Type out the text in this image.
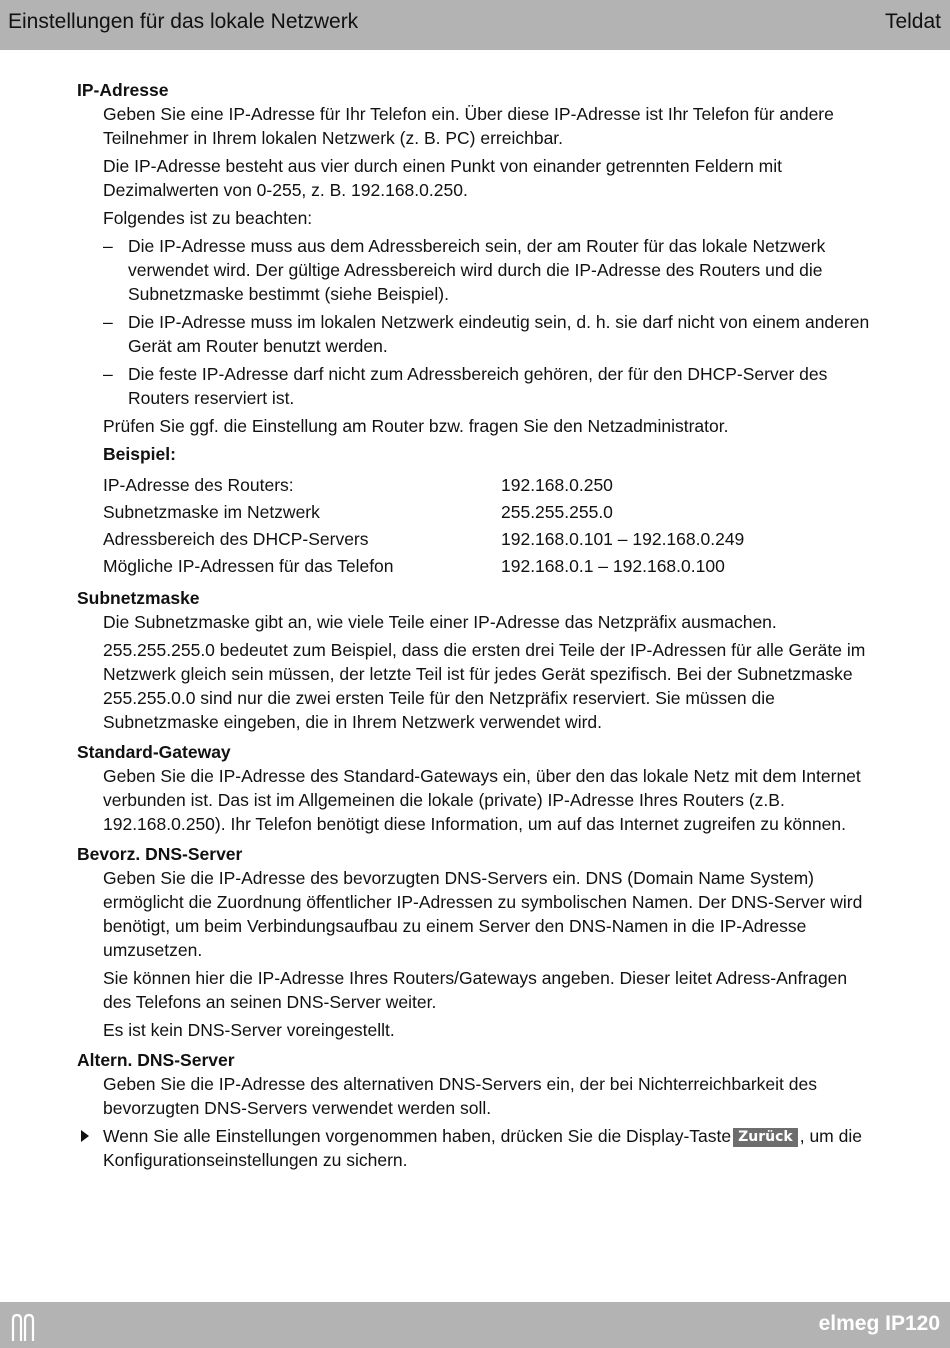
Einstellungen für das lokale Netzwerk	Teldat
IP-Adresse
Geben Sie eine IP-Adresse für Ihr Telefon ein. Über diese IP-Adresse ist Ihr Telefon für andere Teilnehmer in Ihrem lokalen Netzwerk (z. B. PC) erreichbar.
Die IP-Adresse besteht aus vier durch einen Punkt von einander getrennten Feldern mit Dezimalwerten von 0-255, z. B. 192.168.0.250.
Folgendes ist zu beachten:
– Die IP-Adresse muss aus dem Adressbereich sein, der am Router für das lokale Netzwerk verwendet wird. Der gültige Adressbereich wird durch die IP-Adresse des Routers und die Subnetzmaske bestimmt (siehe Beispiel).
– Die IP-Adresse muss im lokalen Netzwerk eindeutig sein, d. h. sie darf nicht von einem anderen Gerät am Router benutzt werden.
– Die feste IP-Adresse darf nicht zum Adressbereich gehören, der für den DHCP-Server des Routers reserviert ist.
Prüfen Sie ggf. die Einstellung am Router bzw. fragen Sie den Netzadministrator.
Beispiel:
IP-Adresse des Routers:	192.168.0.250
Subnetzmaske im Netzwerk	255.255.255.0
Adressbereich des DHCP-Servers	192.168.0.101 – 192.168.0.249
Mögliche IP-Adressen für das Telefon	192.168.0.1 – 192.168.0.100
Subnetzmaske
Die Subnetzmaske gibt an, wie viele Teile einer IP-Adresse das Netzpräfix ausmachen.
255.255.255.0 bedeutet zum Beispiel, dass die ersten drei Teile der IP-Adressen für alle Geräte im Netzwerk gleich sein müssen, der letzte Teil ist für jedes Gerät spezifisch. Bei der Subnetzmaske 255.255.0.0 sind nur die zwei ersten Teile für den Netzpräfix reserviert. Sie müssen die Subnetzmaske eingeben, die in Ihrem Netzwerk verwendet wird.
Standard-Gateway
Geben Sie die IP-Adresse des Standard-Gateways ein, über den das lokale Netz mit dem Internet verbunden ist. Das ist im Allgemeinen die lokale (private) IP-Adresse Ihres Routers (z.B. 192.168.0.250). Ihr Telefon benötigt diese Information, um auf das Internet zugreifen zu können.
Bevorz. DNS-Server
Geben Sie die IP-Adresse des bevorzugten DNS-Servers ein. DNS (Domain Name System) ermöglicht die Zuordnung öffentlicher IP-Adressen zu symbolischen Namen. Der DNS-Server wird benötigt, um beim Verbindungsaufbau zu einem Server den DNS-Namen in die IP-Adresse umzusetzen.
Sie können hier die IP-Adresse Ihres Routers/Gateways angeben. Dieser leitet Adress-Anfragen des Telefons an seinen DNS-Server weiter.
Es ist kein DNS-Server voreingestellt.
Altern. DNS-Server
Geben Sie die IP-Adresse des alternativen DNS-Servers ein, der bei Nichterreichbarkeit des bevorzugten DNS-Servers verwendet werden soll.
Wenn Sie alle Einstellungen vorgenommen haben, drücken Sie die Display-Taste Zurück , um die Konfigurationseinstellungen zu sichern.
elmeg IP120
